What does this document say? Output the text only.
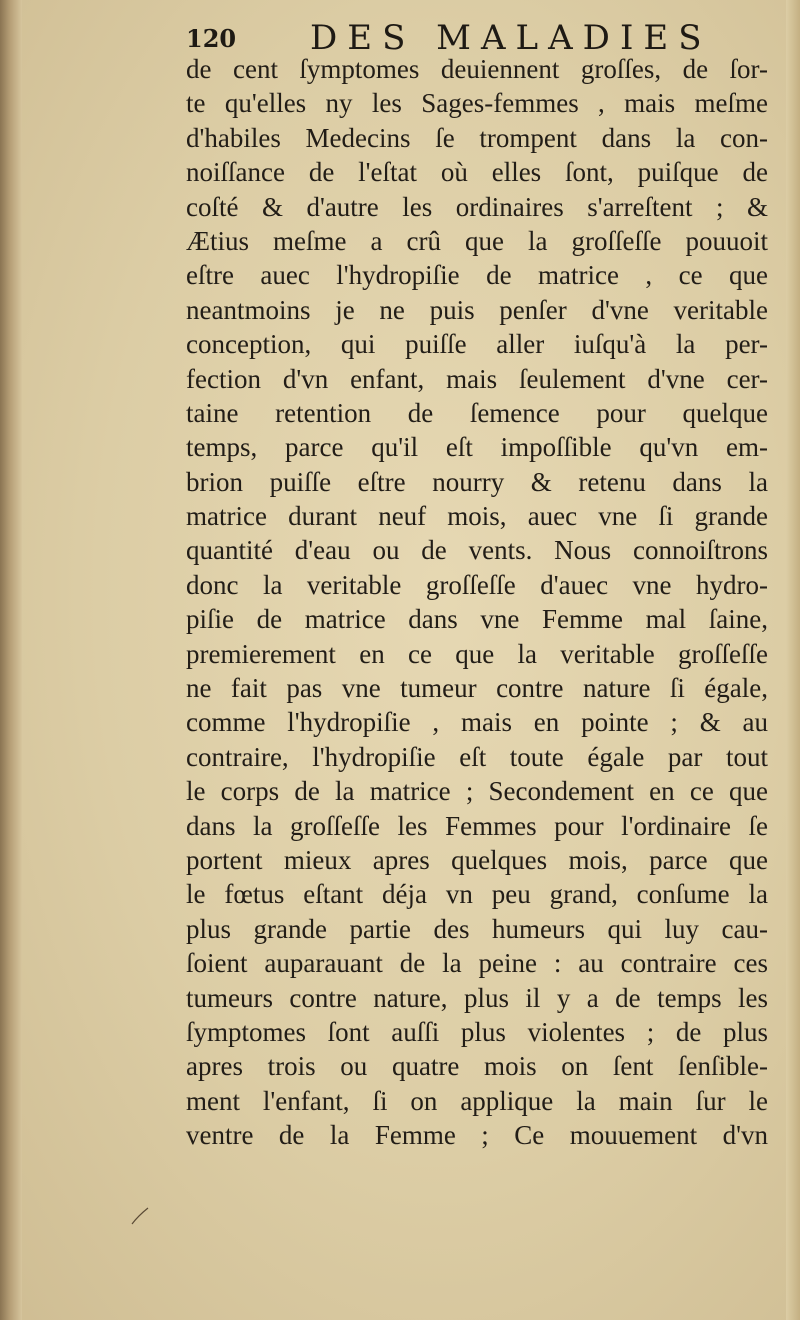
120 DES MALADIES
de cent ſymptomes deuiennent groſſes, de ſor-
te qu'elles ny les Sages-femmes , mais meſme
d'habiles Medecins ſe trompent dans la con-
noiſſance de l'eſtat où elles ſont, puiſque de
coſté & d'autre les ordinaires s'arreſtent ; &
Ætius meſme a crû que la groſſeſſe pouuoit
eſtre auec l'hydropiſie de matrice , ce que
neantmoins je ne puis penſer d'vne veritable
conception, qui puiſſe aller iuſqu'à la per-
fection d'vn enfant, mais ſeulement d'vne cer-
taine retention de ſemence pour quelque
temps, parce qu'il eſt impoſſible qu'vn em-
brion puiſſe eſtre nourry & retenu dans la
matrice durant neuf mois, auec vne ſi grande
quantité d'eau ou de vents. Nous connoiſtrons
donc la veritable groſſeſſe d'auec vne hydro-
piſie de matrice dans vne Femme mal ſaine,
premierement en ce que la veritable groſſeſſe
ne fait pas vne tumeur contre nature ſi égale,
comme l'hydropiſie , mais en pointe ; & au
contraire, l'hydropiſie eſt toute égale par tout
le corps de la matrice ; Secondement en ce que
dans la groſſeſſe les Femmes pour l'ordinaire ſe
portent mieux apres quelques mois, parce que
le fœtus eſtant déja vn peu grand, conſume la
plus grande partie des humeurs qui luy cau-
ſoient auparauant de la peine : au contraire ces
tumeurs contre nature, plus il y a de temps les
ſymptomes ſont auſſi plus violentes ; de plus
apres trois ou quatre mois on ſent ſenſible-
ment l'enfant, ſi on applique la main ſur le
ventre de la Femme ; Ce mouuement d'vn
